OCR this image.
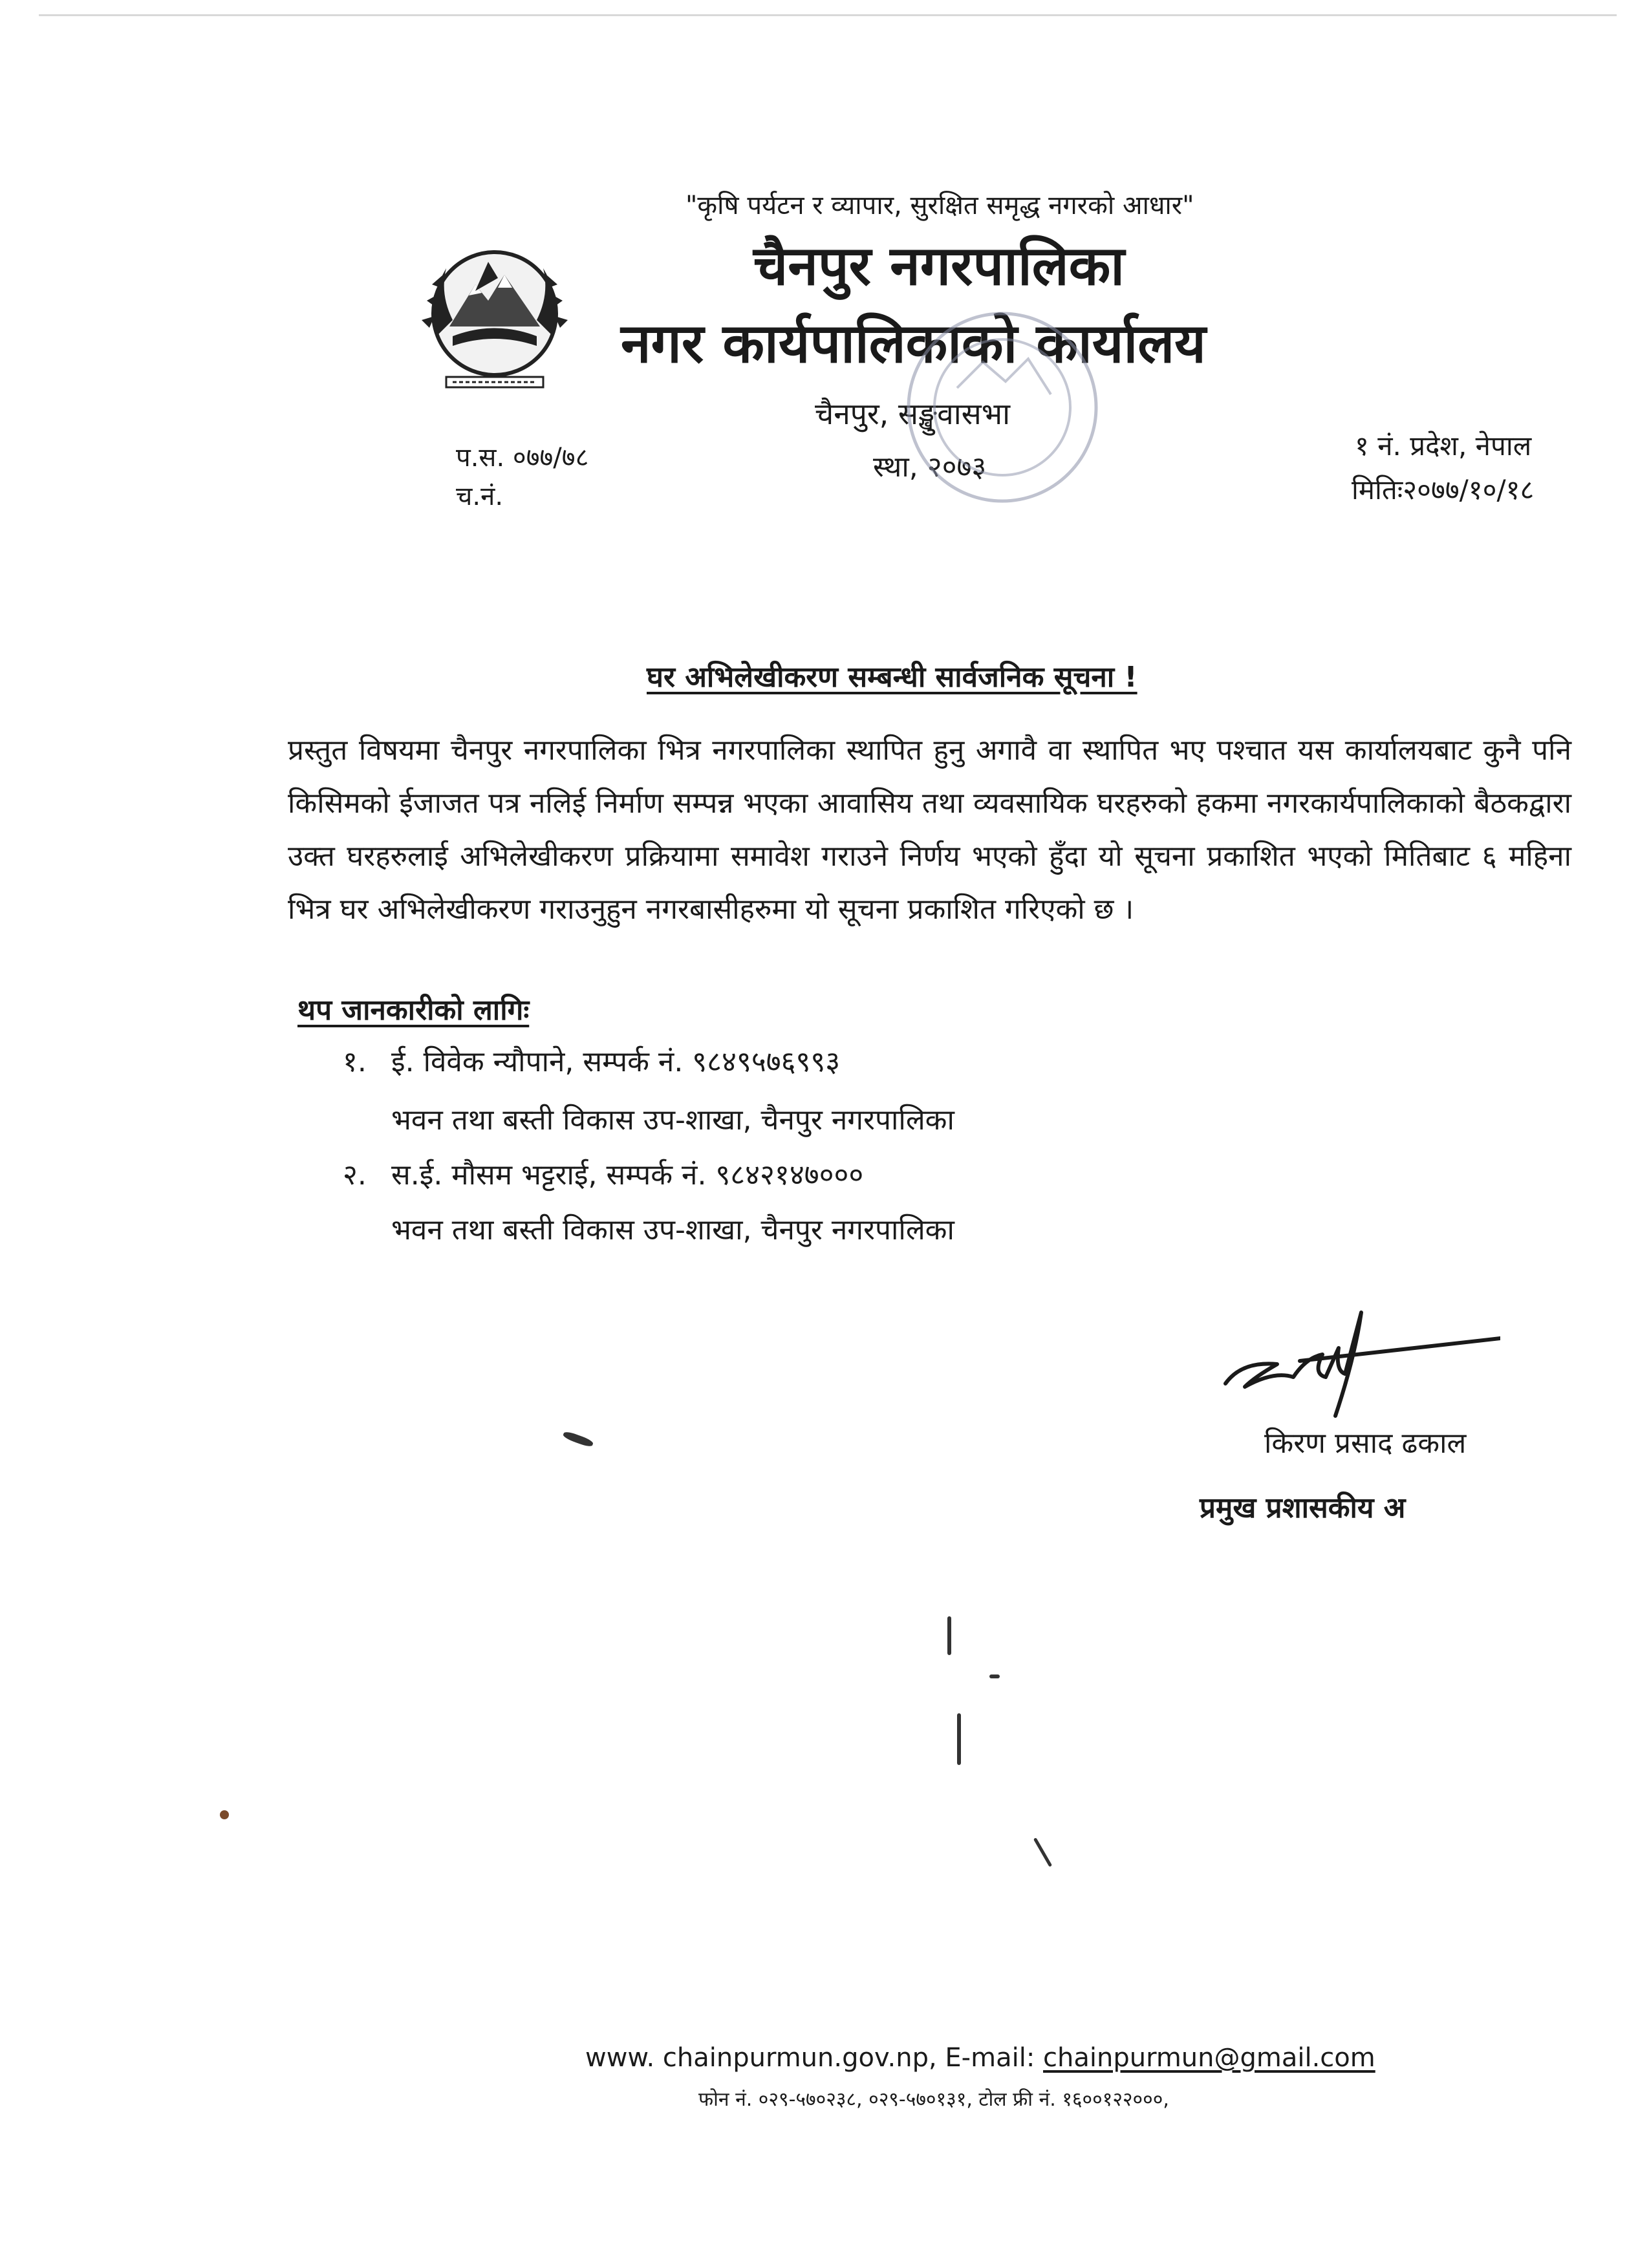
"कृषि पर्यटन र व्यापार, सुरक्षित समृद्ध नगरको आधार"
चैनपुर नगरपालिका
नगर कार्यपालिकाको कार्यालय
चैनपुर, सङ्खुवासभा
स्था, २०७३
प.स. ०७७/७८
च.नं.
१ नं. प्रदेश, नेपाल
मितिः२०७७/१०/१८
घर अभिलेखीकरण सम्बन्धी सार्वजनिक सूचना !
प्रस्तुत विषयमा चैनपुर नगरपालिका भित्र नगरपालिका स्थापित हुनु अगावै वा स्थापित भए पश्चात यस कार्यालयबाट कुनै पनि किसिमको ईजाजत पत्र नलिई निर्माण सम्पन्न भएका आवासिय तथा व्यवसायिक घरहरुको हकमा नगरकार्यपालिकाको बैठकद्वारा उक्त घरहरुलाई अभिलेखीकरण प्रक्रियामा समावेश गराउने निर्णय भएको हुँदा यो सूचना प्रकाशित भएको मितिबाट ६ महिना भित्र घर अभिलेखीकरण गराउनुहुन नगरबासीहरुमा यो सूचना प्रकाशित गरिएको छ ।
थप जानकारीको लागिः
१. ई. विवेक न्यौपाने, सम्पर्क नं. ९८४९५७६९९३
भवन तथा बस्ती विकास उप-शाखा, चैनपुर नगरपालिका
२. स.ई. मौसम भट्टराई, सम्पर्क नं. ९८४२१४७०००
भवन तथा बस्ती विकास उप-शाखा, चैनपुर नगरपालिका
किरण प्रसाद ढकाल
प्रमुख प्रशासकीय अ
www. chainpurmun.gov.np, E-mail: chainpurmun@gmail.com
फोन नं. ०२९-५७०२३८, ०२९-५७०१३१, टोल फ्री नं. १६००१२२०००,
